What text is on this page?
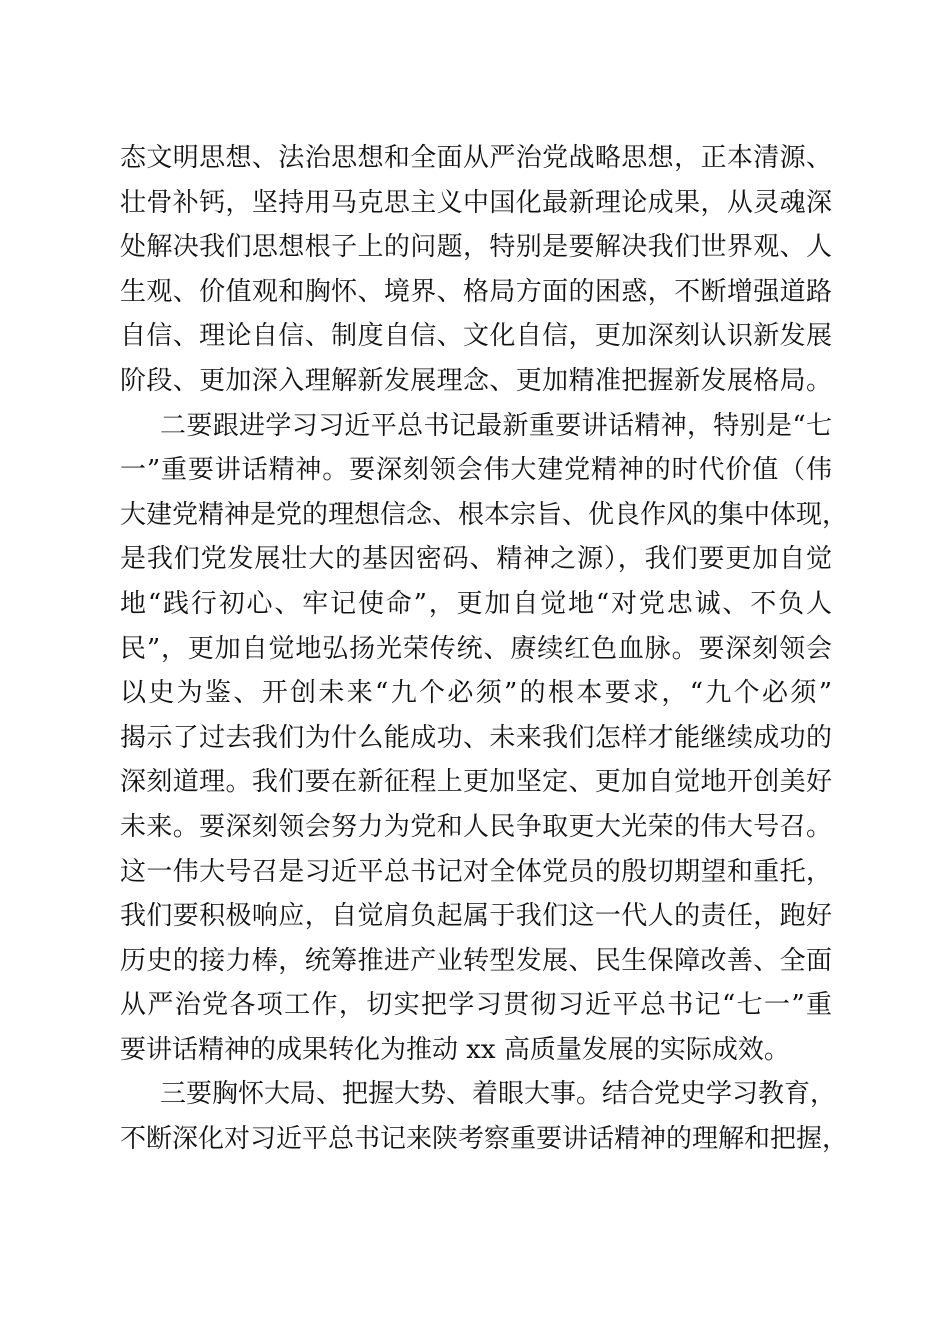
态文明思想、法治思想和全面从严治党战略思想，正本清源、
壮骨补钙，坚持用马克思主义中国化最新理论成果，从灵魂深
处解决我们思想根子上的问题，特别是要解决我们世界观、人
生观、价值观和胸怀、境界、格局方面的困惑，不断增强道路
自信、理论自信、制度自信、文化自信，更加深刻认识新发展
阶段、更加深入理解新发展理念、更加精准把握新发展格局。
二要跟进学习习近平总书记最新重要讲话精神，特别是“七
一”重要讲话精神。要深刻领会伟大建党精神的时代价值（伟
大建党精神是党的理想信念、根本宗旨、优良作风的集中体现，
是我们党发展壮大的基因密码、精神之源），我们要更加自觉
地“践行初心、牢记使命”，更加自觉地“对党忠诚、不负人
民”，更加自觉地弘扬光荣传统、赓续红色血脉。要深刻领会
以史为鉴、开创未来“九个必须”的根本要求，“九个必须”
揭示了过去我们为什么能成功、未来我们怎样才能继续成功的
深刻道理。我们要在新征程上更加坚定、更加自觉地开创美好
未来。要深刻领会努力为党和人民争取更大光荣的伟大号召。
这一伟大号召是习近平总书记对全体党员的殷切期望和重托，
我们要积极响应，自觉肩负起属于我们这一代人的责任，跑好
历史的接力棒，统筹推进产业转型发展、民生保障改善、全面
从严治党各项工作，切实把学习贯彻习近平总书记“七一”重
要讲话精神的成果转化为推动 xx 高质量发展的实际成效。
三要胸怀大局、把握大势、着眼大事。结合党史学习教育，
不断深化对习近平总书记来陕考察重要讲话精神的理解和把握，
